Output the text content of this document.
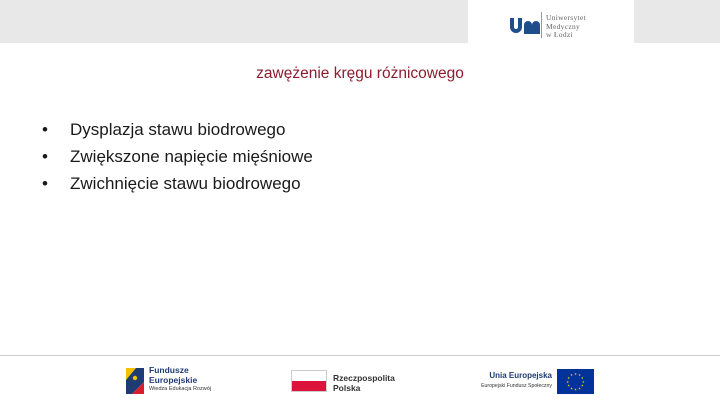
Uniwersytet
Medyczny
w Łodzi
zawężenie kręgu różnicowego
• Dysplazja stawu biodrowego
• Zwiększone napięcie mięśniowe
• Zwichnięcie stawu biodrowego
Fundusze
Europejskie
Wiedza Edukacja Rozwój
Rzeczpospolita
Polska
Unia Europejska
Europejski Fundusz Społeczny
★ ★
★
★
★
★
★
★
★
★
★
★
